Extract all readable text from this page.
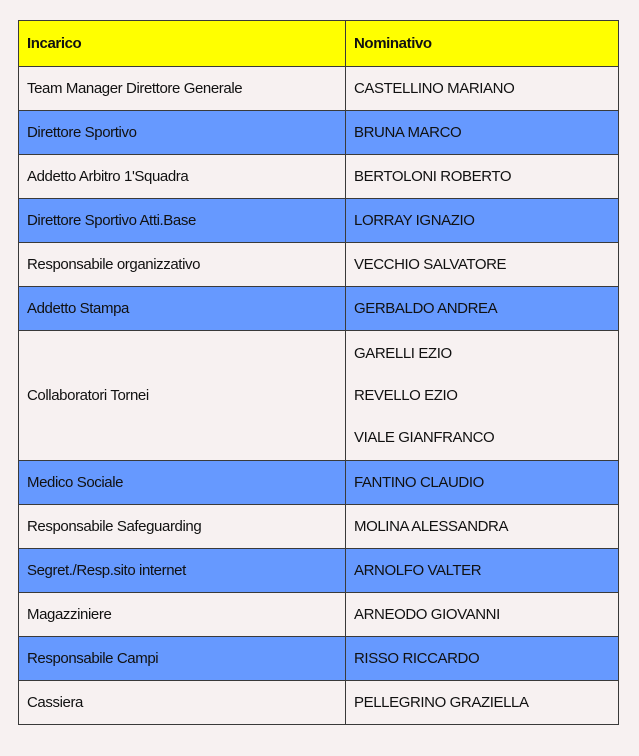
Incarico	Nominativo
Team Manager Direttore Generale	CASTELLINO MARIANO
Direttore Sportivo	BRUNA MARCO
Addetto Arbitro 1'Squadra	BERTOLONI ROBERTO
Direttore Sportivo Atti.Base	LORRAY IGNAZIO
Responsabile organizzativo	VECCHIO SALVATORE
Addetto Stampa	GERBALDO ANDREA
Collaboratori Tornei	GARELLI EZIO
REVELLO EZIO
VIALE GIANFRANCO

Medico Sociale	FANTINO CLAUDIO
Responsabile Safeguarding	MOLINA ALESSANDRA
Segret./Resp.sito internet	ARNOLFO VALTER
Magazziniere	ARNEODO GIOVANNI
Responsabile Campi	RISSO RICCARDO
Cassiera	PELLEGRINO GRAZIELLA
